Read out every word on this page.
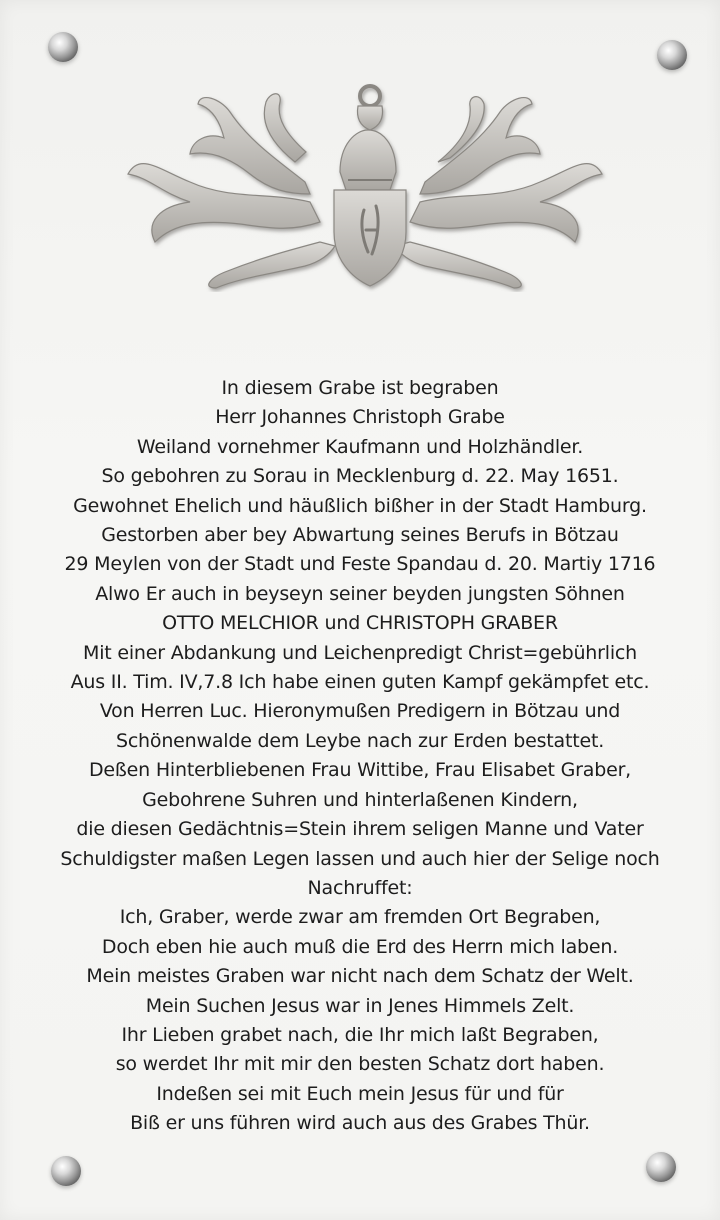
In diesem Grabe ist begraben
Herr Johannes Christoph Grabe
Weiland vornehmer Kaufmann und Holzhändler.
So gebohren zu Sorau in Mecklenburg d. 22. May 1651.
Gewohnet Ehelich und häußlich bißher in der Stadt Hamburg.
Gestorben aber bey Abwartung seines Berufs in Bötzau
29 Meylen von der Stadt und Feste Spandau d. 20. Martiy 1716
Alwo Er auch in beyseyn seiner beyden jungsten Söhnen
OTTO MELCHIOR und CHRISTOPH GRABER
Mit einer Abdankung und Leichenpredigt Christ=gebührlich
Aus II. Tim. IV,7.8 Ich habe einen guten Kampf gekämpfet etc.
Von Herren Luc. Hieronymußen Predigern in Bötzau und
Schönenwalde dem Leybe nach zur Erden bestattet.
Deßen Hinterbliebenen Frau Wittibe, Frau Elisabet Graber,
Gebohrene Suhren und hinterlaßenen Kindern,
die diesen Gedächtnis=Stein ihrem seligen Manne und Vater
Schuldigster maßen Legen lassen und auch hier der Selige noch
Nachruffet:
Ich, Graber, werde zwar am fremden Ort Begraben,
Doch eben hie auch muß die Erd des Herrn mich laben.
Mein meistes Graben war nicht nach dem Schatz der Welt.
Mein Suchen Jesus war in Jenes Himmels Zelt.
Ihr Lieben grabet nach, die Ihr mich laßt Begraben,
so werdet Ihr mit mir den besten Schatz dort haben.
Indeßen sei mit Euch mein Jesus für und für
Biß er uns führen wird auch aus des Grabes Thür.
